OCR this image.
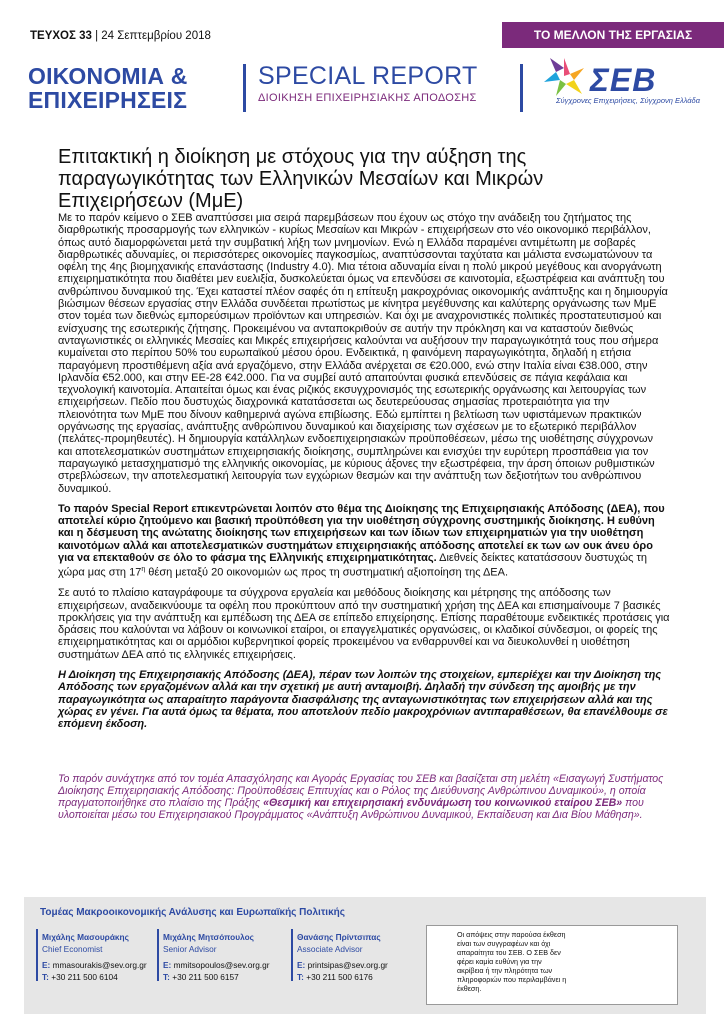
ΤΕΥΧΟΣ 33 | 24 Σεπτεμβρίου 2018	ΤΟ ΜΕΛΛΟΝ ΤΗΣ ΕΡΓΑΣΙΑΣ
ΟΙΚΟΝΟΜΙΑ &
ΕΠΙΧΕΙΡΗΣΕΙΣ
SPECIAL REPORT
ΔΙΟΙΚΗΣΗ ΕΠΙΧΕΙΡΗΣΙΑΚΗΣ ΑΠΟΔΟΣΗΣ	ΣΕΒ
Σύγχρονες Επιχειρήσεις, Σύγχρονη Ελλάδα
Επιτακτική η διοίκηση με στόχους για την αύξηση της παραγωγικότητας των Ελληνικών Μεσαίων και Μικρών Επιχειρήσεων (ΜμΕ)

Με το παρόν κείμενο ο ΣΕΒ αναπτύσσει μια σειρά παρεμβάσεων που έχουν ως στόχο την ανάδειξη του ζητήματος της διαρθρωτικής προσαρμογής των ελληνικών - κυρίως Μεσαίων και Μικρών - επιχειρήσεων στο νέο οικονομικό περιβάλλον, όπως αυτό διαμορφώνεται μετά την συμβατική λήξη των μνημονίων. Ενώ η Ελλάδα παραμένει αντιμέτωπη με σοβαρές διαρθρωτικές αδυναμίες, οι περισσότερες οικονομίες παγκοσμίως, αναπτύσσονται ταχύτατα και μάλιστα ενσωματώνουν τα οφέλη της 4ης βιομηχανικής επανάστασης (Industry 4.0). Μια τέτοια αδυναμία είναι η πολύ μικρού μεγέθους και ανοργάνωτη επιχειρηματικότητα που διαθέτει μεν ευελιξία, δυσκολεύεται όμως να επενδύσει σε καινοτομία, εξωστρέφεια και ανάπτυξη του ανθρώπινου δυναμικού της. Έχει καταστεί πλέον σαφές ότι η επίτευξη μακροχρόνιας οικονομικής ανάπτυξης και η δημιουργία βιώσιμων θέσεων εργασίας στην Ελλάδα συνδέεται πρωτίστως με κίνητρα μεγέθυνσης και καλύτερης οργάνωσης των ΜμΕ στον τομέα των διεθνώς εμπορεύσιμων προϊόντων και υπηρεσιών. Και όχι με αναχρονιστικές πολιτικές προστατευτισμού και ενίσχυσης της εσωτερικής ζήτησης. Προκειμένου να ανταποκριθούν σε αυτήν την πρόκληση και να καταστούν διεθνώς ανταγωνιστικές οι ελληνικές Μεσαίες και Μικρές επιχειρήσεις καλούνται να αυξήσουν την παραγωγικότητά τους που σήμερα κυμαίνεται στο περίπου 50% του ευρωπαϊκού μέσου όρου. Ενδεικτικά, η φαινόμενη παραγωγικότητα, δηλαδή η ετήσια παραγόμενη προστιθέμενη αξία ανά εργαζόμενο, στην Ελλάδα ανέρχεται σε €20.000, ενώ στην Ιταλία είναι €38.000, στην Ιρλανδία €52.000, και στην ΕΕ-28 €42.000. Για να συμβεί αυτό απαιτούνται φυσικά επενδύσεις σε πάγια κεφάλαια και τεχνολογική καινοτομία. Απαιτείται όμως και ένας ριζικός εκσυγχρονισμός της εσωτερικής οργάνωσης και λειτουργίας των επιχειρήσεων. Πεδίο που δυστυχώς διαχρονικά κατατάσσεται ως δευτερεύουσας σημασίας προτεραιότητα για την πλειονότητα των ΜμΕ που δίνουν καθημερινά αγώνα επιβίωσης. Εδώ εμπίπτει η βελτίωση των υφιστάμενων πρακτικών οργάνωσης της εργασίας, ανάπτυξης ανθρώπινου δυναμικού και διαχείρισης των σχέσεων με το εξωτερικό περιβάλλον (πελάτες-προμηθευτές). Η δημιουργία κατάλληλων ενδοεπιχειρησιακών προϋποθέσεων, μέσω της υιοθέτησης σύγχρονων και αποτελεσματικών συστημάτων επιχειρησιακής διοίκησης, συμπληρώνει και ενισχύει την ευρύτερη προσπάθεια για τον παραγωγικό μετασχηματισμό της ελληνικής οικονομίας, με κύριους άξονες την εξωστρέφεια, την άρση όποιων ρυθμιστικών στρεβλώσεων, την αποτελεσματική λειτουργία των εγχώριων θεσμών και την ανάπτυξη των δεξιοτήτων του ανθρώπινου δυναμικού.

Το παρόν Special Report επικεντρώνεται λοιπόν στο θέμα της Διοίκησης της Επιχειρησιακής Απόδοσης (ΔΕΑ), που αποτελεί κύριο ζητούμενο και βασική προϋπόθεση για την υιοθέτηση σύγχρονης συστημικής διοίκησης. Η ευθύνη και η δέσμευση της ανώτατης διοίκησης των επιχειρήσεων και των ίδιων των επιχειρηματιών για την υιοθέτηση καινοτόμων αλλά και αποτελεσματικών συστημάτων επιχειρησιακής απόδοσης αποτελεί εκ των ων ουκ άνευ όρο για να επεκταθούν σε όλο το φάσμα της Ελληνικής επιχειρηματικότητας. Διεθνείς δείκτες κατατάσσουν δυστυχώς τη χώρα μας στη $17^\eta$ θέση μεταξύ 20 οικονομιών ως προς τη συστηματική αξιοποίηση της ΔΕΑ.

Σε αυτό το πλαίσιο καταγράφουμε τα σύγχρονα εργαλεία και μεθόδους διοίκησης και μέτρησης της απόδοσης των επιχειρήσεων, αναδεικνύουμε τα οφέλη που προκύπτουν από την συστηματική χρήση της ΔΕΑ και επισημαίνουμε 7 βασικές προκλήσεις για την ανάπτυξη και εμπέδωση της ΔΕΑ σε επίπεδο επιχείρησης. Επίσης παραθέτουμε ενδεικτικές προτάσεις για δράσεις που καλούνται να λάβουν οι κοινωνικοί εταίροι, οι επαγγελματικές οργανώσεις, οι κλαδικοί σύνδεσμοι, οι φορείς της επιχειρηματικότητας και οι αρμόδιοι κυβερνητικοί φορείς προκειμένου να ενθαρρυνθεί και να διευκολυνθεί η υιοθέτηση συστημάτων ΔΕΑ από τις ελληνικές επιχειρήσεις.

Η Διοίκηση της Επιχειρησιακής Απόδοσης (ΔΕΑ), πέραν των λοιπών της στοιχείων, εμπερίέχει και την Διοίκηση της Απόδοσης των εργαζομένων αλλά και την σχετική με αυτή ανταμοιβή. Δηλαδή την σύνδεση της αμοιβής με την παραγωγικότητα ως απαραίτητο παράγοντα διασφάλισης της ανταγωνιστικότητας των επιχειρήσεων αλλά και της χώρας εν γένει. Για αυτά όμως τα θέματα, που αποτελούν πεδίο μακροχρόνιων αντιπαραθέσεων, θα επανέλθουμε σε επόμενη έκδοση.

Το παρόν συνάχτηκε από τον τομέα Απασχόλησης και Αγοράς Εργασίας του ΣΕΒ και βασίζεται στη μελέτη «Εισαγωγή Συστήματος Διοίκησης Επιχειρησιακής Απόδοσης: Προϋποθέσεις Επιτυχίας και ο Ρόλος της Διεύθυνσης Ανθρώπινου Δυναμικού», η οποία πραγματοποιήθηκε στο πλαίσιο της Πράξης «Θεσμική και επιχειρησιακή ενδυνάμωση του κοινωνικού εταίρου ΣΕΒ» που υλοποιείται μέσω του Επιχειρησιακού Προγράμματος «Ανάπτυξη Ανθρώπινου Δυναμικού, Εκπαίδευση και Δια Βίου Μάθηση».
Τομέας Μακροοικονομικής Ανάλυσης και Ευρωπαϊκής Πολιτικής
Μιχάλης Μασουράκης
Chief Economist
E: mmasourakis@sev.org.gr
T: +30 211 500 6104
Μιχάλης Μητσόπουλος
Senior Advisor
E: mmitsopoulos@sev.org.gr
T: +30 211 500 6157
Θανάσης Πρίντσιπας
Associate Advisor
E: printsipas@sev.org.gr
T: +30 211 500 6176
Οι απόψεις στην παρούσα έκθεση είναι των συγγραφέων και όχι απαραίτητα του ΣΕΒ. Ο ΣΕΒ δεν φέρει καμία ευθύνη για την ακρίβεια ή την πληρότητα των πληροφοριών που περιλαμβάνει η έκθεση.
